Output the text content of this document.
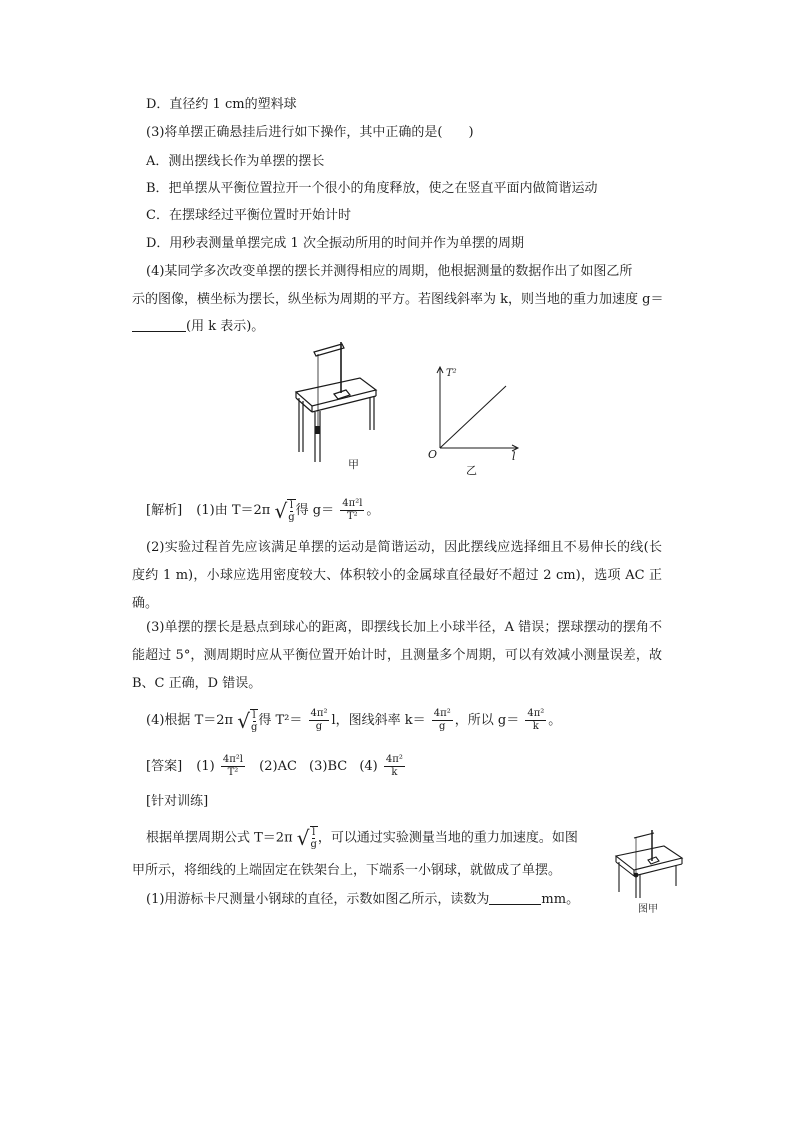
D．直径约 1 cm的塑料球
(3)将单摆正确悬挂后进行如下操作，其中正确的是(　　)
A．测出摆线长作为单摆的摆长
B．把单摆从平衡位置拉开一个很小的角度释放，使之在竖直平面内做简谐运动
C．在摆球经过平衡位置时开始计时
D．用秒表测量单摆完成 1 次全振动所用的时间并作为单摆的周期
(4)某同学多次改变单摆的摆长并测得相应的周期，他根据测量的数据作出了如图乙所
示的图像，横坐标为摆长，纵坐标为周期的平方。若图线斜率为 k，则当地的重力加速度 g＝
(用 k 表示)。
甲
T²
l
O
乙
[解析] (1)由 T＝2π √ l
g 得 $g= \frac{\text{4π²l}}{\text{T²}}$ 。
(2)实验过程首先应该满足单摆的运动是简谐运动，因此摆线应选择细且不易伸长的线(长度约 1 m)，小球应选用密度较大、体积较小的金属球直径最好不超过 2 cm)，选项 AC 正确。
(3)单摆的摆长是悬点到球心的距离，即摆线长加上小球半径，A 错误；摆球摆动的摆角不能超过 5°，测周期时应从平衡位置开始计时，且测量多个周期，可以有效减小测量误差，故 B、C 正确，D 错误。
(4)根据 T＝2π √ l
g 得 $T^2= \frac{\text{4π²}}{g}$ l，图线斜率 $k= \frac{\text{4π²}}{g}$ ，所以 $g= \frac{\text{4π²}}{k}$ 。
[答案] $(1) \frac{\text{4π²l}}{\text{T²}} (2)AC$ (3)BC $(4) \frac{\text{4π²}}{k}$
[针对训练]
根据单摆周期公式 T＝2π √ l
g ，可以通过实验测量当地的重力加速度。如图
甲所示，将细线的上端固定在铁架台上，下端系一小钢球，就做成了单摆。
(1)用游标卡尺测量小钢球的直径，示数如图乙所示，读数为	mm。
图甲
